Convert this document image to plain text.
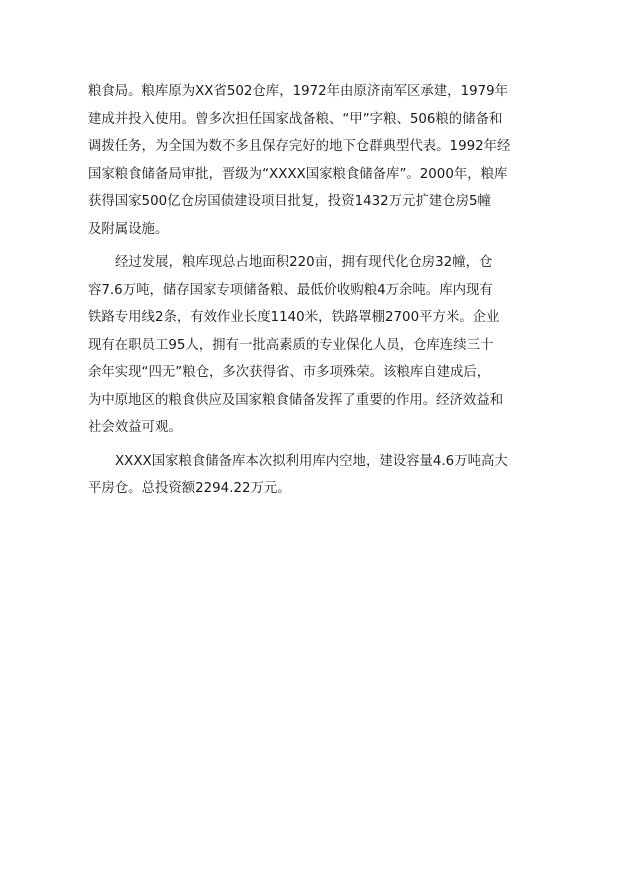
粮食局。粮库原为XX省502仓库，1972年由原济南军区承建，1979年
建成并投入使用。曾多次担任国家战备粮、“甲”字粮、506粮的储备和
调拨任务，为全国为数不多且保存完好的地下仓群典型代表。1992年经
国家粮食储备局审批，晋级为“XXXX国家粮食储备库”。2000年，粮库
获得国家500亿仓房国债建设项目批复，投资1432万元扩建仓房5幢
及附属设施。
经过发展，粮库现总占地面积220亩，拥有现代化仓房32幢，仓
容7.6万吨，储存国家专项储备粮、最低价收购粮4万余吨。库内现有
铁路专用线2条，有效作业长度1140米，铁路罩棚2700平方米。企业
现有在职员工95人，拥有一批高素质的专业保化人员，仓库连续三十
余年实现“四无”粮仓，多次获得省、市多项殊荣。该粮库自建成后，
为中原地区的粮食供应及国家粮食储备发挥了重要的作用。经济效益和
社会效益可观。
XXXX国家粮食储备库本次拟利用库内空地，建设容量4.6万吨高大
平房仓。总投资额2294.22万元。
